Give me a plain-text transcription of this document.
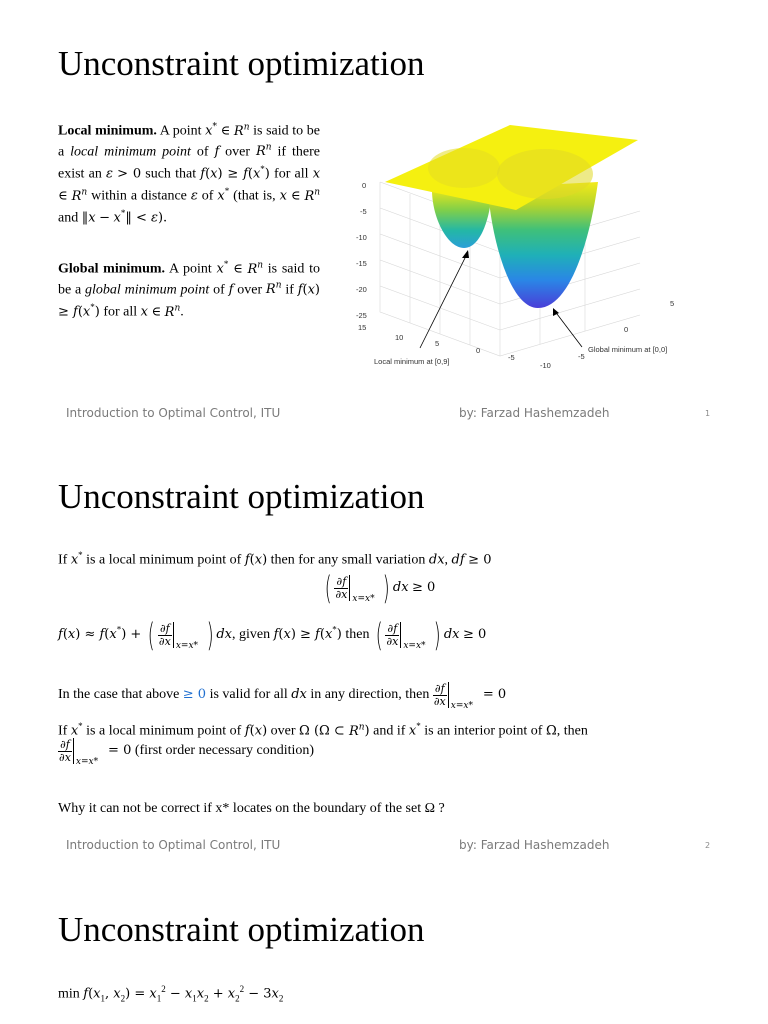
Unconstraint optimization
Local minimum. A point x* ∈ $R^n$ is said to be a local minimum point of f over $R^n$ if there exist an ε > 0 such that f(x) ≥ f(x*) for all x ∈ $R^n$ within a distance ε of x* (that is, x ∈ $R^n$ and ‖x − x*‖ < ε).
Global minimum. A point x* ∈ $R^n$ is said to be a global minimum point of f over $R^n$ if f(x) ≥ f(x*) for all x ∈ $R^n$.
0
-5
-10
-15
-20
-25
15
10
5
0
-5
-10
5
0
-5
Local minimum at [0,9]
Global minimum at [0,0]
Introduction to Optimal Control, ITU	by: Farzad Hashemzadeh	1
Unconstraint optimization
If x* is a local minimum point of f(x) then for any small variation dx, df ≥ 0
( $\frac{\partial f}{\partial x} x=x*$ ) dx ≥ 0
f(x) ≈ f(x*) + ( $\frac{\partial f}{\partial x} x=x*$ ) dx, given f(x) ≥ f(x*) then ( $\frac{\partial f}{\partial x} x=x*$ ) dx ≥ 0
In the case that above ≥ 0 is valid for all dx in any direction, then $\frac{\partial f}{\partial x} x=x*$
= 0
If x* is a local minimum point of f(x) over Ω (Ω ⊂ $R^n$) and if x* is an interior point of Ω, then
$\frac{\partial f}{\partial x} x=x*$
= 0 (first order necessary condition)
Why it can not be correct if x* locates on the boundary of the set Ω ?
Introduction to Optimal Control, ITU	by: Farzad Hashemzadeh	2
Unconstraint optimization
$\min f(x_1$, $x_2) = x_1^2 - x_1x_2 + x_2^2 - 3x_2$
